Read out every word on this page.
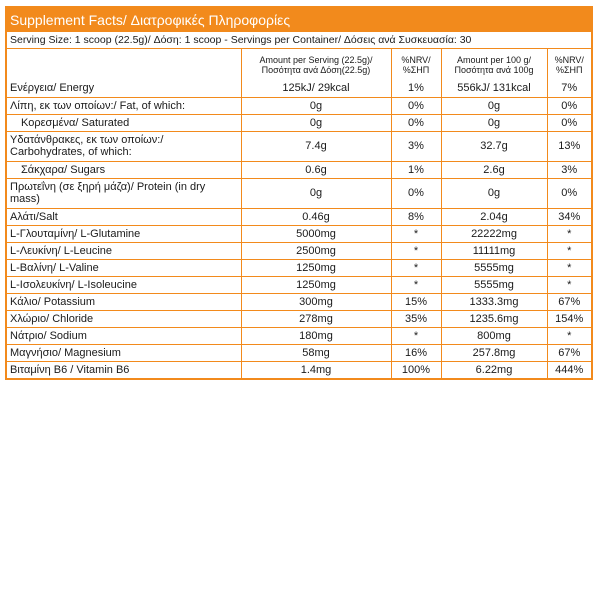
Supplement Facts/ Διατροφικές Πληροφορίες
Serving Size: 1 scoop (22.5g)/ Δόση: 1 scoop - Servings per Container/ Δόσεις ανά Συσκευασία: 30
	Amount per Serving (22.5g)/ Ποσότητα ανά Δόση(22.5g)	%NRV/ %ΣΗΠ	Amount per 100 g/ Ποσότητα ανά 100g	%NRV/ %ΣΗΠ
Ενέργεια/ Energy	125kJ/ 29kcal	1%	556kJ/ 131kcal	7%
Λίπη, εκ των οποίων:/ Fat, of which:	0g	0%	0g	0%
Κορεσμένα/ Saturated	0g	0%	0g	0%
Υδατάνθρακες, εκ των οποίων:/ Carbohydrates, of which:	7.4g	3%	32.7g	13%
Σάκχαρα/ Sugars	0.6g	1%	2.6g	3%
Πρωτεΐνη (σε ξηρή μάζα)/ Protein (in dry mass)	0g	0%	0g	0%
Αλάτι/Salt	0.46g	8%	2.04g	34%
L-Γλουταμίνη/ L-Glutamine	5000mg	*	22222mg	*
L-Λευκίνη/ L-Leucine	2500mg	*	11111mg	*
L-Βαλίνη/ L-Valine	1250mg	*	5555mg	*
L-Ισολευκίνη/ L-Isoleucine	1250mg	*	5555mg	*
Κάλιο/ Potassium	300mg	15%	1333.3mg	67%
Χλώριο/ Chloride	278mg	35%	1235.6mg	154%
Νάτριο/ Sodium	180mg	*	800mg	*
Μαγνήσιο/ Magnesium	58mg	16%	257.8mg	67%
Βιταμίνη Β6 / Vitamin B6	1.4mg	100%	6.22mg	444%
